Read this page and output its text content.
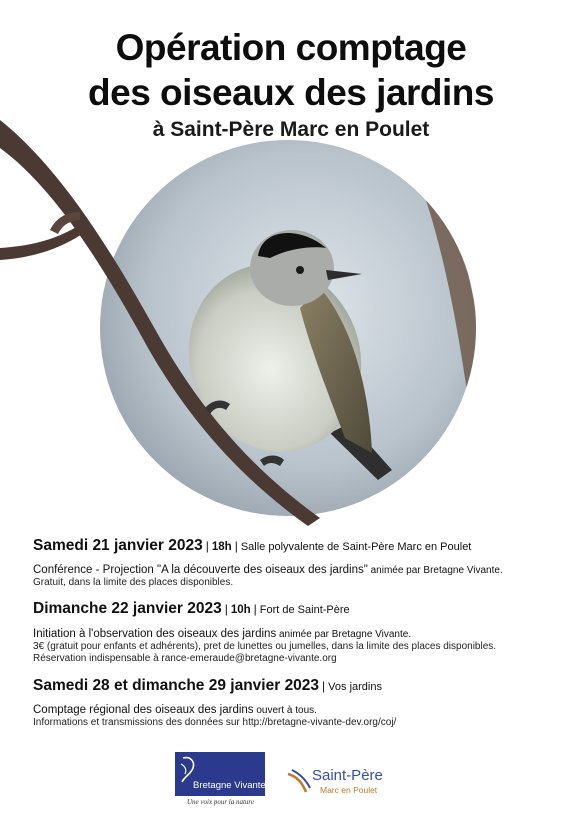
Opération comptage
des oiseaux des jardins
à Saint-Père Marc en Poulet
Samedi 21 janvier 2023 | 18h | Salle polyvalente de Saint-Père Marc en Poulet
Conférence - Projection "A la découverte des oiseaux des jardins" animée par Bretagne Vivante.
Gratuit, dans la limite des places disponibles.
Dimanche 22 janvier 2023 | 10h | Fort de Saint-Père
Initiation à l'observation des oiseaux des jardins animée par Bretagne Vivante.
3€ (gratuit pour enfants et adhérents), pret de lunettes ou jumelles, dans la limite des places disponibles.
Réservation indispensable à rance-emeraude@bretagne-vivante.org
Samedi 28 et dimanche 29 janvier 2023 | Vos jardins
Comptage régional des oiseaux des jardins ouvert à tous.
Informations et transmissions des données sur http://bretagne-vivante-dev.org/coj/
Bretagne Vivante
Une voix pour la nature
Saint-Père
Marc en Poulet
